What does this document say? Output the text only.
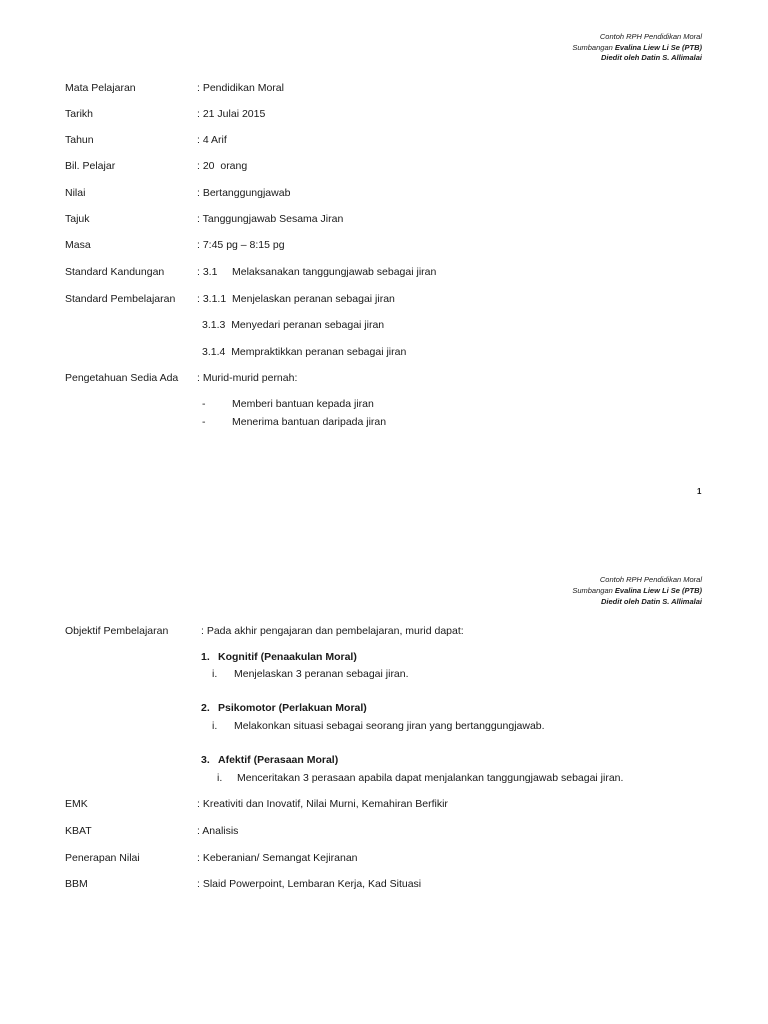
Contoh RPH Pendidikan Moral
Sumbangan Evalina Liew Li Se (PTB)
Diedit oleh Datin S. Allimalai
Mata Pelajaran	: Pendidikan Moral
Tarikh	: 21 Julai 2015
Tahun	: 4 Arif
Bil. Pelajar	: 20  orang
Nilai	: Bertanggungjawab
Tajuk	: Tanggungjawab Sesama Jiran
Masa	: 7:45 pg – 8:15 pg
Standard Kandungan	: 3.1     Melaksanakan tanggungjawab sebagai jiran
Standard Pembelajaran : 3.1.1  Menjelaskan peranan sebagai jiran
3.1.3  Menyedari peranan sebagai jiran
3.1.4  Mempraktikkan peranan sebagai jiran
Pengetahuan Sedia Ada : Murid-murid pernah:
-	Memberi bantuan kepada jiran
-	Menerima bantuan daripada jiran
1
Contoh RPH Pendidikan Moral
Sumbangan Evalina Liew Li Se (PTB)
Diedit oleh Datin S. Allimalai
Objektif Pembelajaran	: Pada akhir pengajaran dan pembelajaran, murid dapat:
1. Kognitif (Penaakulan Moral)
i. Menjelaskan 3 peranan sebagai jiran.
2. Psikomotor (Perlakuan Moral)
i. Melakonkan situasi sebagai seorang jiran yang bertanggungjawab.
3. Afektif (Perasaan Moral)
i. Menceritakan 3 perasaan apabila dapat menjalankan tanggungjawab sebagai jiran.
EMK	: Kreativiti dan Inovatif, Nilai Murni, Kemahiran Berfikir
KBAT	: Analisis
Penerapan Nilai	: Keberanian/ Semangat Kejiranan
BBM	: Slaid Powerpoint, Lembaran Kerja, Kad Situasi
